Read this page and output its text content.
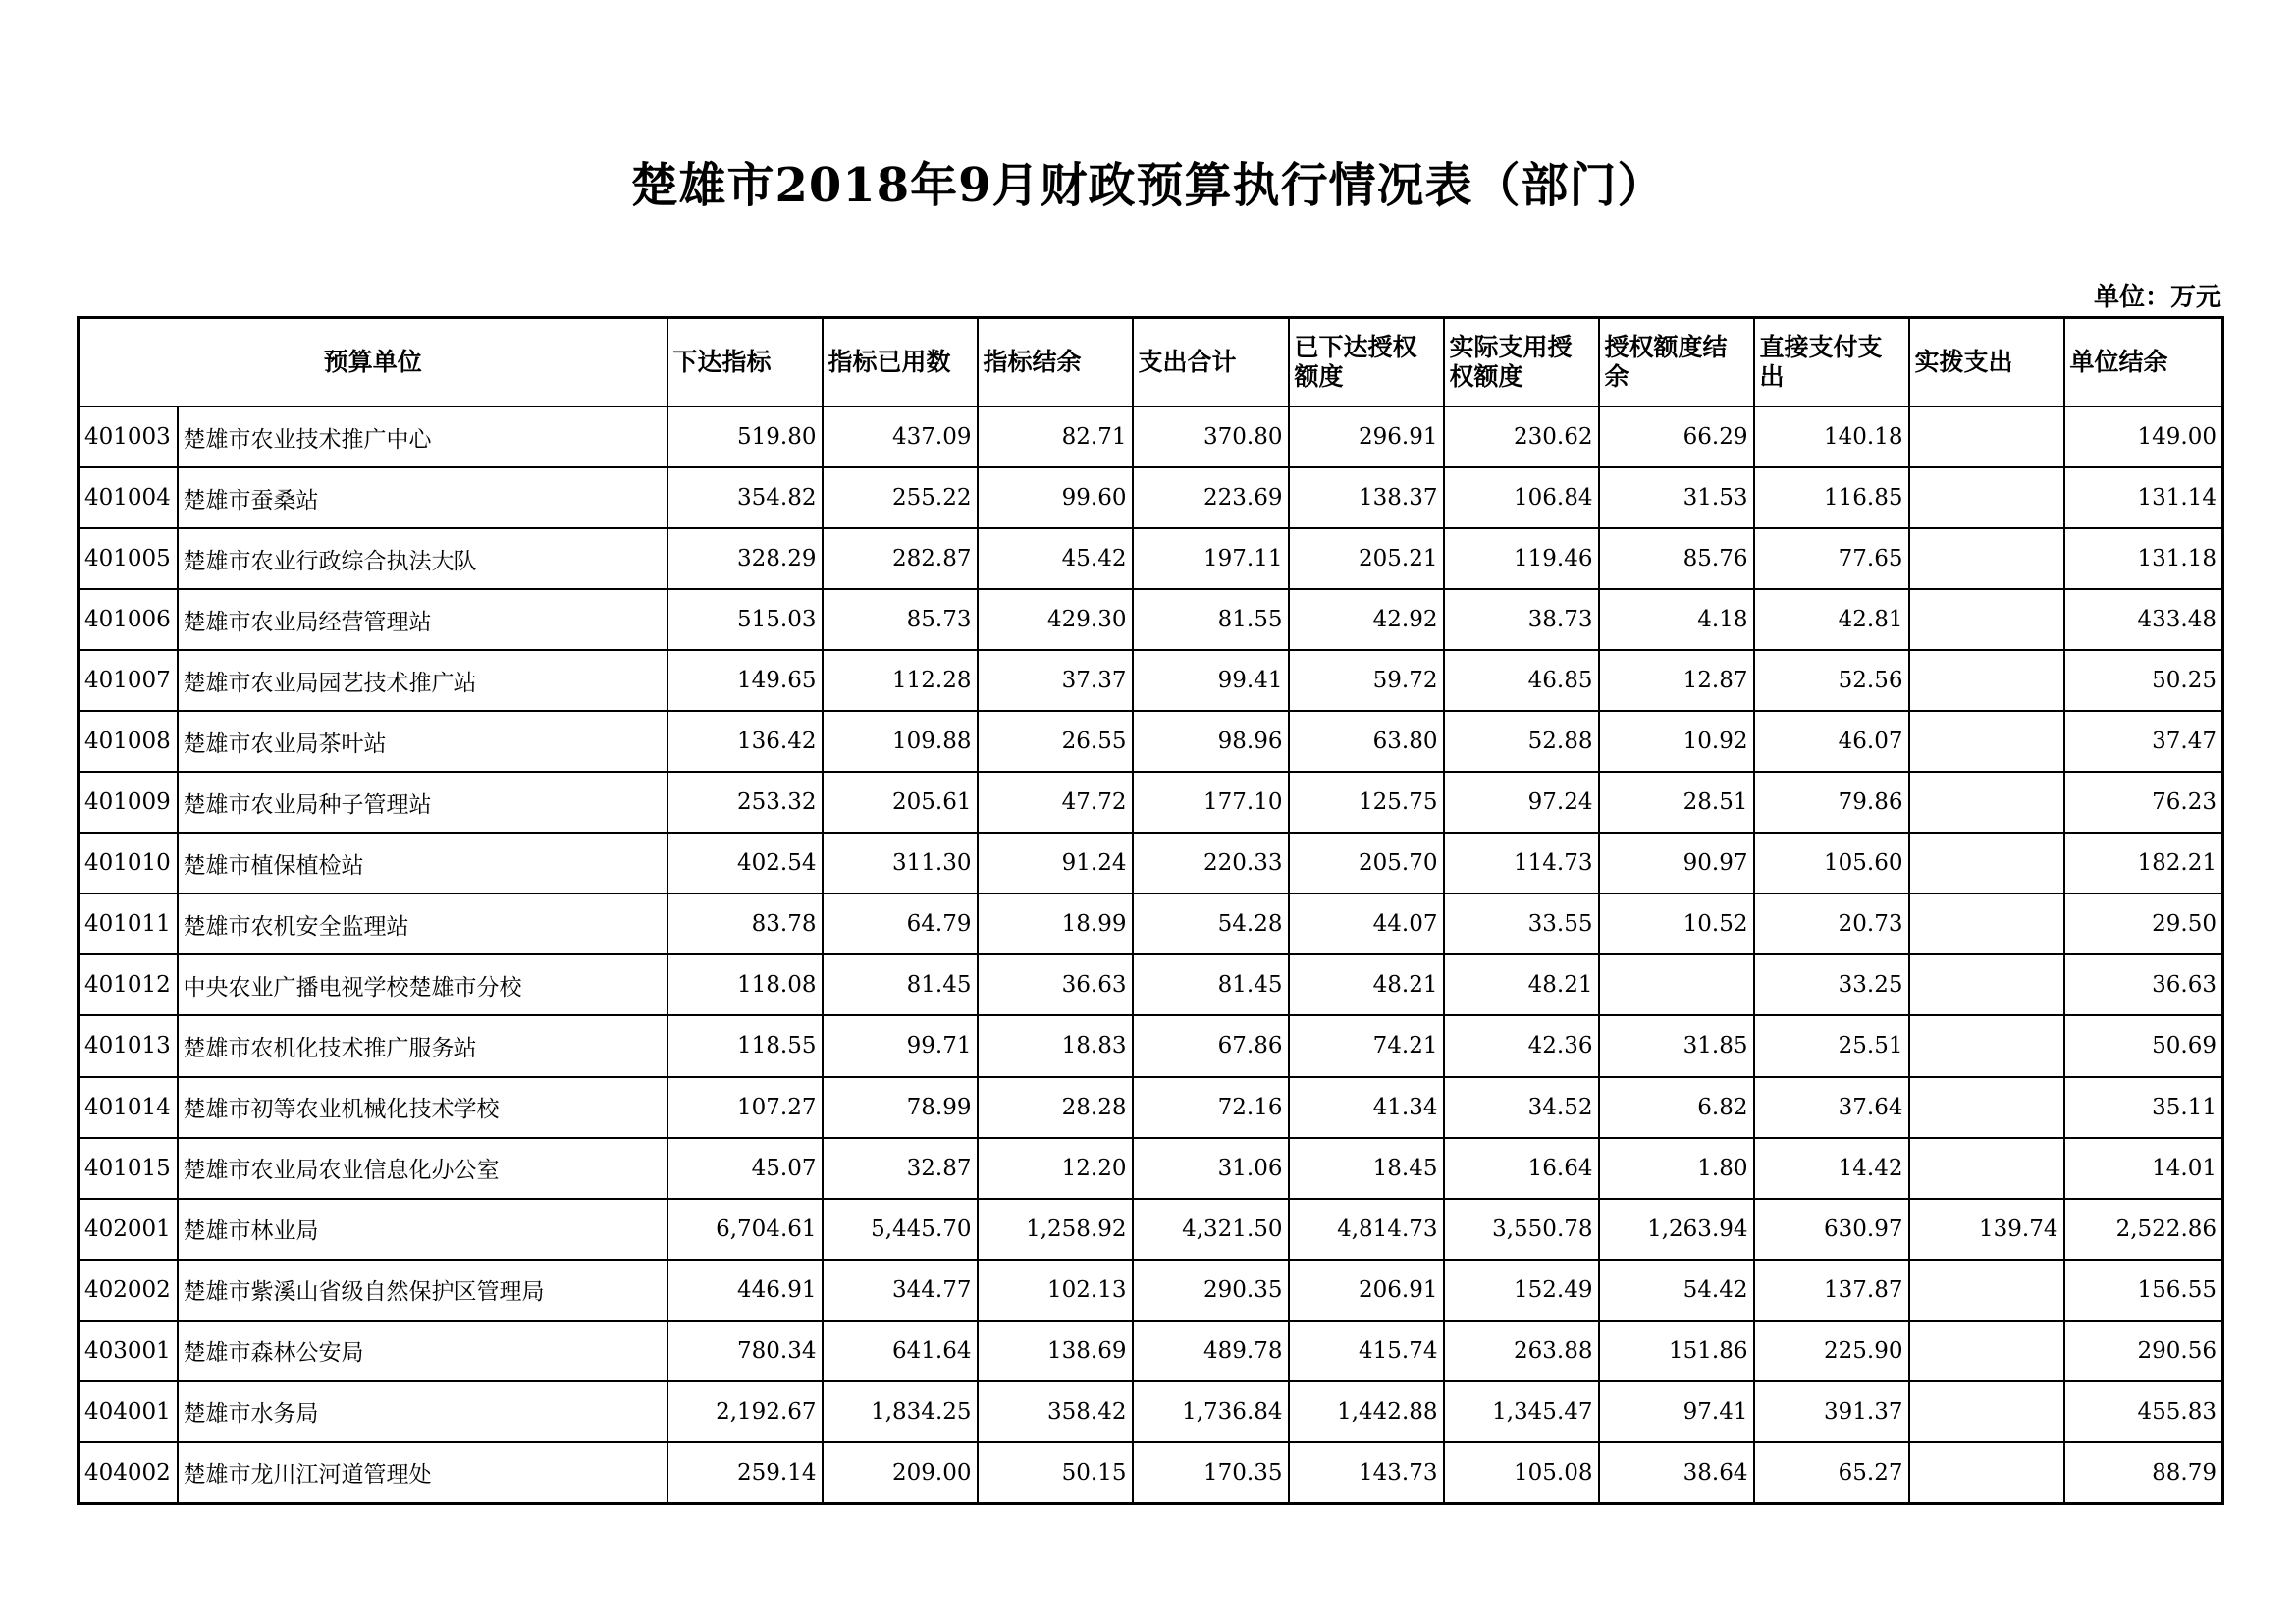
楚雄市2018年9月财政预算执行情况表（部门）
单位：万元
预算单位		下达指标	指标已用数	指标结余	支出合计	已下达授权额度	实际支用授权额度	授权额度结余	直接支付支出	实拨支出	单位结余
401003	楚雄市农业技术推广中心	519.80	437.09	82.71	370.80	296.91	230.62	66.29	140.18		149.00
401004	楚雄市蚕桑站	354.82	255.22	99.60	223.69	138.37	106.84	31.53	116.85		131.14
401005	楚雄市农业行政综合执法大队	328.29	282.87	45.42	197.11	205.21	119.46	85.76	77.65		131.18
401006	楚雄市农业局经营管理站	515.03	85.73	429.30	81.55	42.92	38.73	4.18	42.81		433.48
401007	楚雄市农业局园艺技术推广站	149.65	112.28	37.37	99.41	59.72	46.85	12.87	52.56		50.25
401008	楚雄市农业局茶叶站	136.42	109.88	26.55	98.96	63.80	52.88	10.92	46.07		37.47
401009	楚雄市农业局种子管理站	253.32	205.61	47.72	177.10	125.75	97.24	28.51	79.86		76.23
401010	楚雄市植保植检站	402.54	311.30	91.24	220.33	205.70	114.73	90.97	105.60		182.21
401011	楚雄市农机安全监理站	83.78	64.79	18.99	54.28	44.07	33.55	10.52	20.73		29.50
401012	中央农业广播电视学校楚雄市分校	118.08	81.45	36.63	81.45	48.21	48.21		33.25		36.63
401013	楚雄市农机化技术推广服务站	118.55	99.71	18.83	67.86	74.21	42.36	31.85	25.51		50.69
401014	楚雄市初等农业机械化技术学校	107.27	78.99	28.28	72.16	41.34	34.52	6.82	37.64		35.11
401015	楚雄市农业局农业信息化办公室	45.07	32.87	12.20	31.06	18.45	16.64	1.80	14.42		14.01
402001	楚雄市林业局	6,704.61	5,445.70	1,258.92	4,321.50	4,814.73	3,550.78	1,263.94	630.97	139.74	2,522.86
402002	楚雄市紫溪山省级自然保护区管理局	446.91	344.77	102.13	290.35	206.91	152.49	54.42	137.87		156.55
403001	楚雄市森林公安局	780.34	641.64	138.69	489.78	415.74	263.88	151.86	225.90		290.56
404001	楚雄市水务局	2,192.67	1,834.25	358.42	1,736.84	1,442.88	1,345.47	97.41	391.37		455.83
404002	楚雄市龙川江河道管理处	259.14	209.00	50.15	170.35	143.73	105.08	38.64	65.27		88.79
